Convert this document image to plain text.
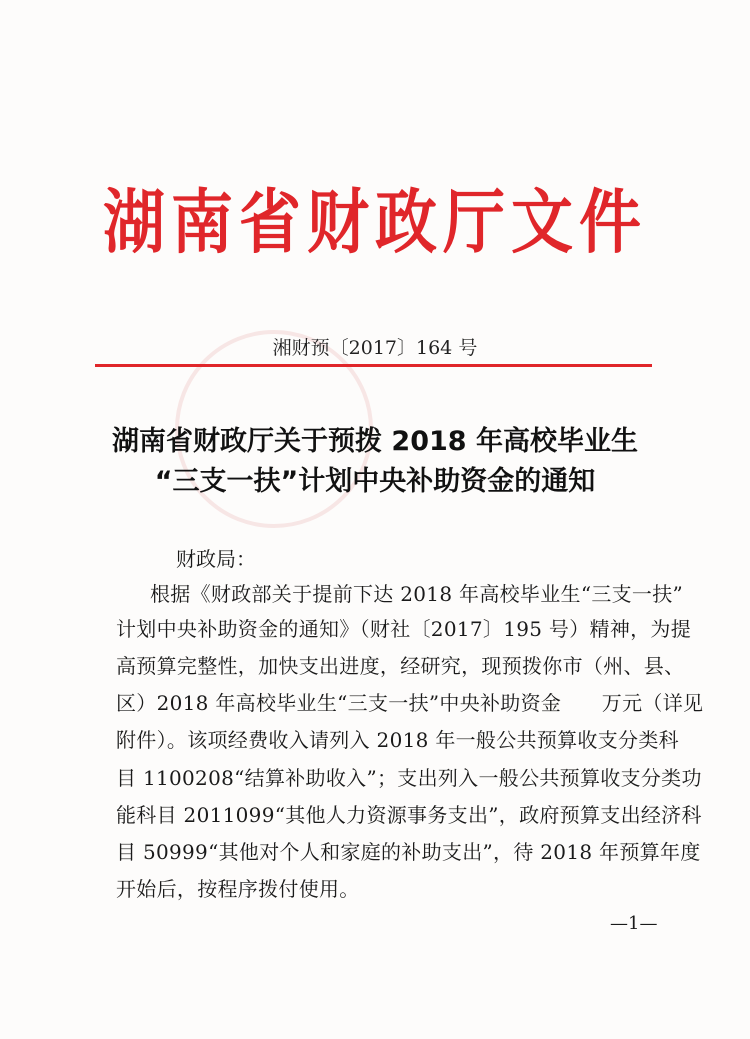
湖南省财政厅文件
湘财预〔2017〕164 号
湖南省财政厅关于预拨 2018 年高校毕业生
“三支一扶”计划中央补助资金的通知
财政局：
根据《财政部关于提前下达 2018 年高校毕业生“三支一扶”
计划中央补助资金的通知》（财社〔2017〕195 号）精神，为提
高预算完整性，加快支出进度，经研究，现预拨你市（州、县、
区）2018 年高校毕业生“三支一扶”中央补助资金　　万元（详见
附件）。该项经费收入请列入 2018 年一般公共预算收支分类科
目 1100208“结算补助收入”；支出列入一般公共预算收支分类功
能科目 2011099“其他人力资源事务支出”，政府预算支出经济科
目 50999“其他对个人和家庭的补助支出”，待 2018 年预算年度
开始后，按程序拨付使用。
—1—
